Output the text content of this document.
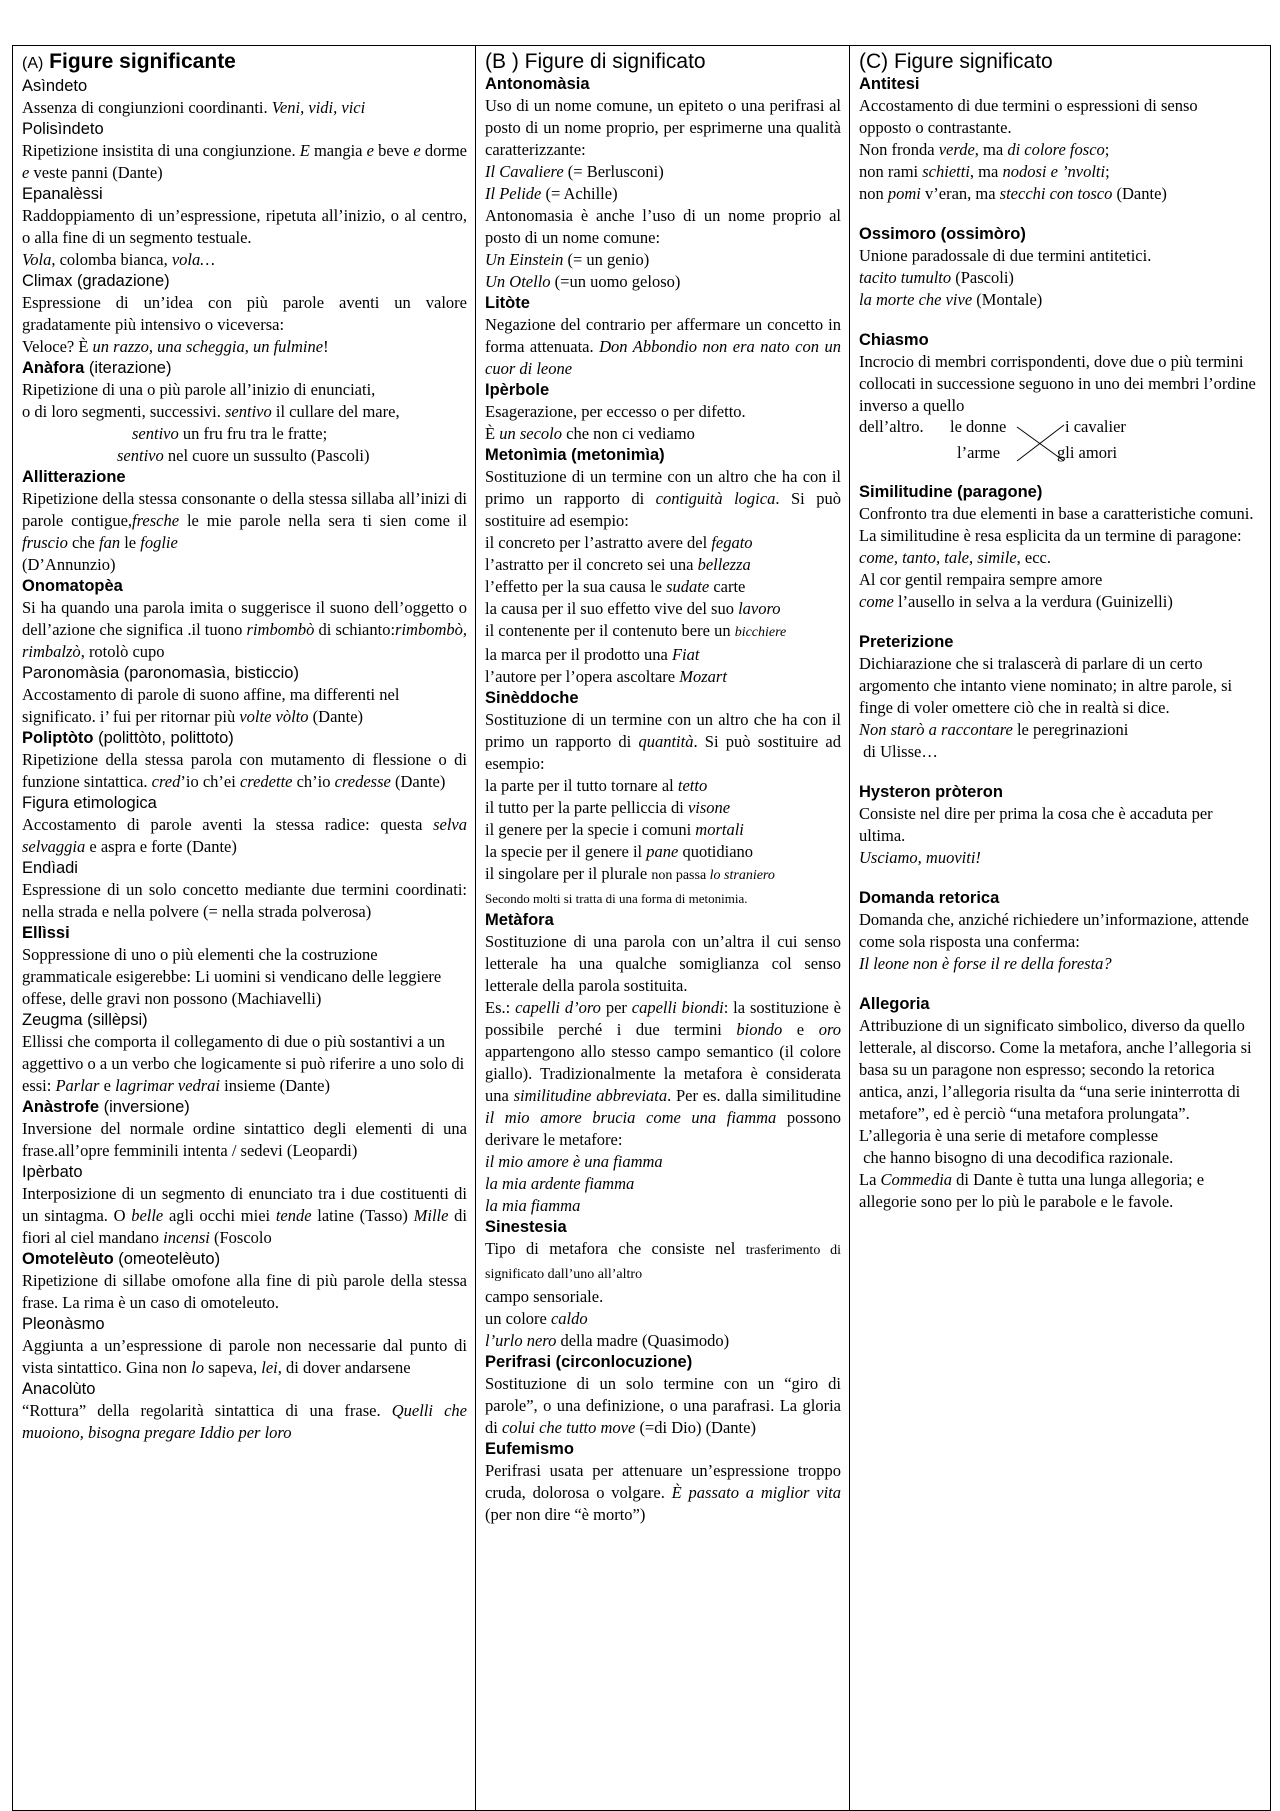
(A) Figure significante

Asìndeto

Assenza di congiunzioni coordinanti. Veni, vidi, vici

Polisìndeto

Ripetizione insistita di una congiunzione. E mangia e beve e dorme e veste panni (Dante)

Epanalèssi

Raddoppiamento di un’espressione, ripetuta all’inizio, o al centro, o alla fine di un segmento testuale.
Vola, colomba bianca, vola…

Climax (gradazione)

Espressione di un’idea con più parole aventi un valore gradatamente più intensivo o viceversa:
Veloce? È un razzo, una scheggia, un fulmine!

Anàfora (iterazione)

Ripetizione di una o più parole all’inizio di enunciati,
o di loro segmenti, successivi. sentivo il cullare del mare,
sentivo un fru fru tra le fratte;
sentivo nel cuore un sussulto (Pascoli)

Allitterazione

Ripetizione della stessa consonante o della stessa sillaba all’inizi di parole contigue,fresche le mie parole nella sera ti sien come il fruscio che fan le foglie
(D’Annunzio)

Onomatopèa

Si ha quando una parola imita o suggerisce il suono dell’oggetto o dell’azione che significa .il tuono rimbombò di schianto:rimbombò, rimbalzò, rotolò cupo

Paronomàsia (paronomasìa, bisticcio)

Accostamento di parole di suono affine, ma differenti nel significato. i’ fui per ritornar più volte vòlto (Dante)

Poliptòto (polittòto, polittoto)

Ripetizione della stessa parola con mutamento di flessione o di funzione sintattica. cred’io ch’ei credette ch’io credesse (Dante)

Figura etimologica

Accostamento di parole aventi la stessa radice: questa selva selvaggia e aspra e forte (Dante)

Endìadi

Espressione di un solo concetto mediante due termini coordinati: nella strada e nella polvere (= nella strada polverosa)

Ellìssi

Soppressione di uno o più elementi che la costruzione grammaticale esigerebbe: Li uomini si vendicano delle leggiere offese, delle gravi non possono (Machiavelli)

Zeugma (sillèpsi)

Ellissi che comporta il collegamento di due o più sostantivi a un aggettivo o a un verbo che logicamente si può riferire a uno solo di essi: Parlar e lagrimar vedrai insieme (Dante)

Anàstrofe (inversione)

Inversione del normale ordine sintattico degli elementi di una frase.all’opre femminili intenta / sedevi (Leopardi)

Ipèrbato

Interposizione di un segmento di enunciato tra i due costituenti di un sintagma. O belle agli occhi miei tende latine (Tasso) Mille di fiori al ciel mandano incensi (Foscolo

Omotelèuto (omeotelèuto)

Ripetizione di sillabe omofone alla fine di più parole della stessa frase. La rima è un caso di omoteleuto.

Pleonàsmo

Aggiunta a un’espressione di parole non necessarie dal punto di vista sintattico. Gina non lo sapeva, lei, di dover andarsene

Anacolùto

“Rottura” della regolarità sintattica di una frase. Quelli che muoiono, bisogna pregare Iddio per loro

(B ) Figure di significato

Antonomàsia

Uso di un nome comune, un epiteto o una perifrasi al posto di un nome proprio, per esprimerne una qualità caratterizzante:
Il Cavaliere (= Berlusconi)
Il Pelide (= Achille)
Antonomasia è anche l’uso di un nome proprio al posto di un nome comune:
Un Einstein (= un genio)
Un Otello (=un uomo geloso)

Litòte

Negazione del contrario per affermare un concetto in forma attenuata. Don Abbondio non era nato con un cuor di leone

Ipèrbole

Esagerazione, per eccesso o per difetto.
È un secolo che non ci vediamo

Metonìmia (metonimìa)

Sostituzione di un termine con un altro che ha con il primo un rapporto di contiguità logica. Si può sostituire ad esempio:
il concreto per l’astratto avere del fegato
l’astratto per il concreto sei una bellezza
l’effetto per la sua causa le sudate carte
la causa per il suo effetto vive del suo lavoro
il contenente per il contenuto bere un bicchiere
la marca per il prodotto una Fiat
l’autore per l’opera ascoltare Mozart

Sinèddoche

Sostituzione di un termine con un altro che ha con il primo un rapporto di quantità. Si può sostituire ad esempio:
la parte per il tutto tornare al tetto
il tutto per la parte pelliccia di visone
il genere per la specie i comuni mortali
la specie per il genere il pane quotidiano
il singolare per il plurale non passa lo straniero
Secondo molti si tratta di una forma di metonimia.

Metàfora

Sostituzione di una parola con un’altra il cui senso letterale ha una qualche somiglianza col senso letterale della parola sostituita.
Es.: capelli d’oro per capelli biondi: la sostituzione è possibile perché i due termini biondo e oro appartengono allo stesso campo semantico (il colore giallo). Tradizionalmente la metafora è considerata una similitudine abbreviata. Per es. dalla similitudine il mio amore brucia come una fiamma possono derivare le metafore:
il mio amore è una fiamma
la mia ardente fiamma
la mia fiamma

Sinestesia

Tipo di metafora che consiste nel trasferimento di significato dall’uno all’altro
campo sensoriale.
un colore caldo
l’urlo nero della madre (Quasimodo)

Perifrasi (circonlocuzione)

Sostituzione di un solo termine con un “giro di parole”, o una definizione, o una parafrasi. La gloria di colui che tutto move (=di Dio) (Dante)

Eufemismo

Perifrasi usata per attenuare un’espressione troppo cruda, dolorosa o volgare. È passato a miglior vita (per non dire “è morto”)

(C) Figure significato

Antitesi

Accostamento di due termini o espressioni di senso
opposto o contrastante.
Non fronda verde, ma di colore fosco;
non rami schietti, ma nodosi e ’nvolti;
non pomi v’eran, ma stecchi con tosco (Dante)

Ossimoro (ossimòro)

Unione paradossale di due termini antitetici.
tacito tumulto (Pascoli)
la morte che vive (Montale)

Chiasmo

Incrocio di membri corrispondenti, dove due o più termini collocati in successione seguono in uno dei membri l’ordine inverso a quello

dell’altro. le donne	i cavalier
l’arme	gli amori

Similitudine (paragone)

Confronto tra due elementi in base a caratteristiche comuni. La similitudine è resa esplicita da un termine di paragone: come, tanto, tale, simile, ecc.
Al cor gentil rempaira sempre amore
come l’ausello in selva a la verdura (Guinizelli)

Preterizione

Dichiarazione che si tralascerà di parlare di un certo argomento che intanto viene nominato; in altre parole, si finge di voler omettere ciò che in realtà si dice.
Non starò a raccontare le peregrinazioni
di Ulisse…

Hysteron pròteron

Consiste nel dire per prima la cosa che è accaduta per ultima.
Usciamo, muoviti!

Domanda retorica

Domanda che, anziché richiedere un’informazione, attende come sola risposta una conferma:
Il leone non è forse il re della foresta?

Allegoria

Attribuzione di un significato simbolico, diverso da quello letterale, al discorso. Come la metafora, anche l’allegoria si basa su un paragone non espresso; secondo la retorica antica, anzi, l’allegoria risulta da “una serie ininterrotta di metafore”, ed è perciò “una metafora prolungata”. L’allegoria è una serie di metafore complesse
che hanno bisogno di una decodifica razionale.
La Commedia di Dante è tutta una lunga allegoria; e allegorie sono per lo più le parabole e le favole.
